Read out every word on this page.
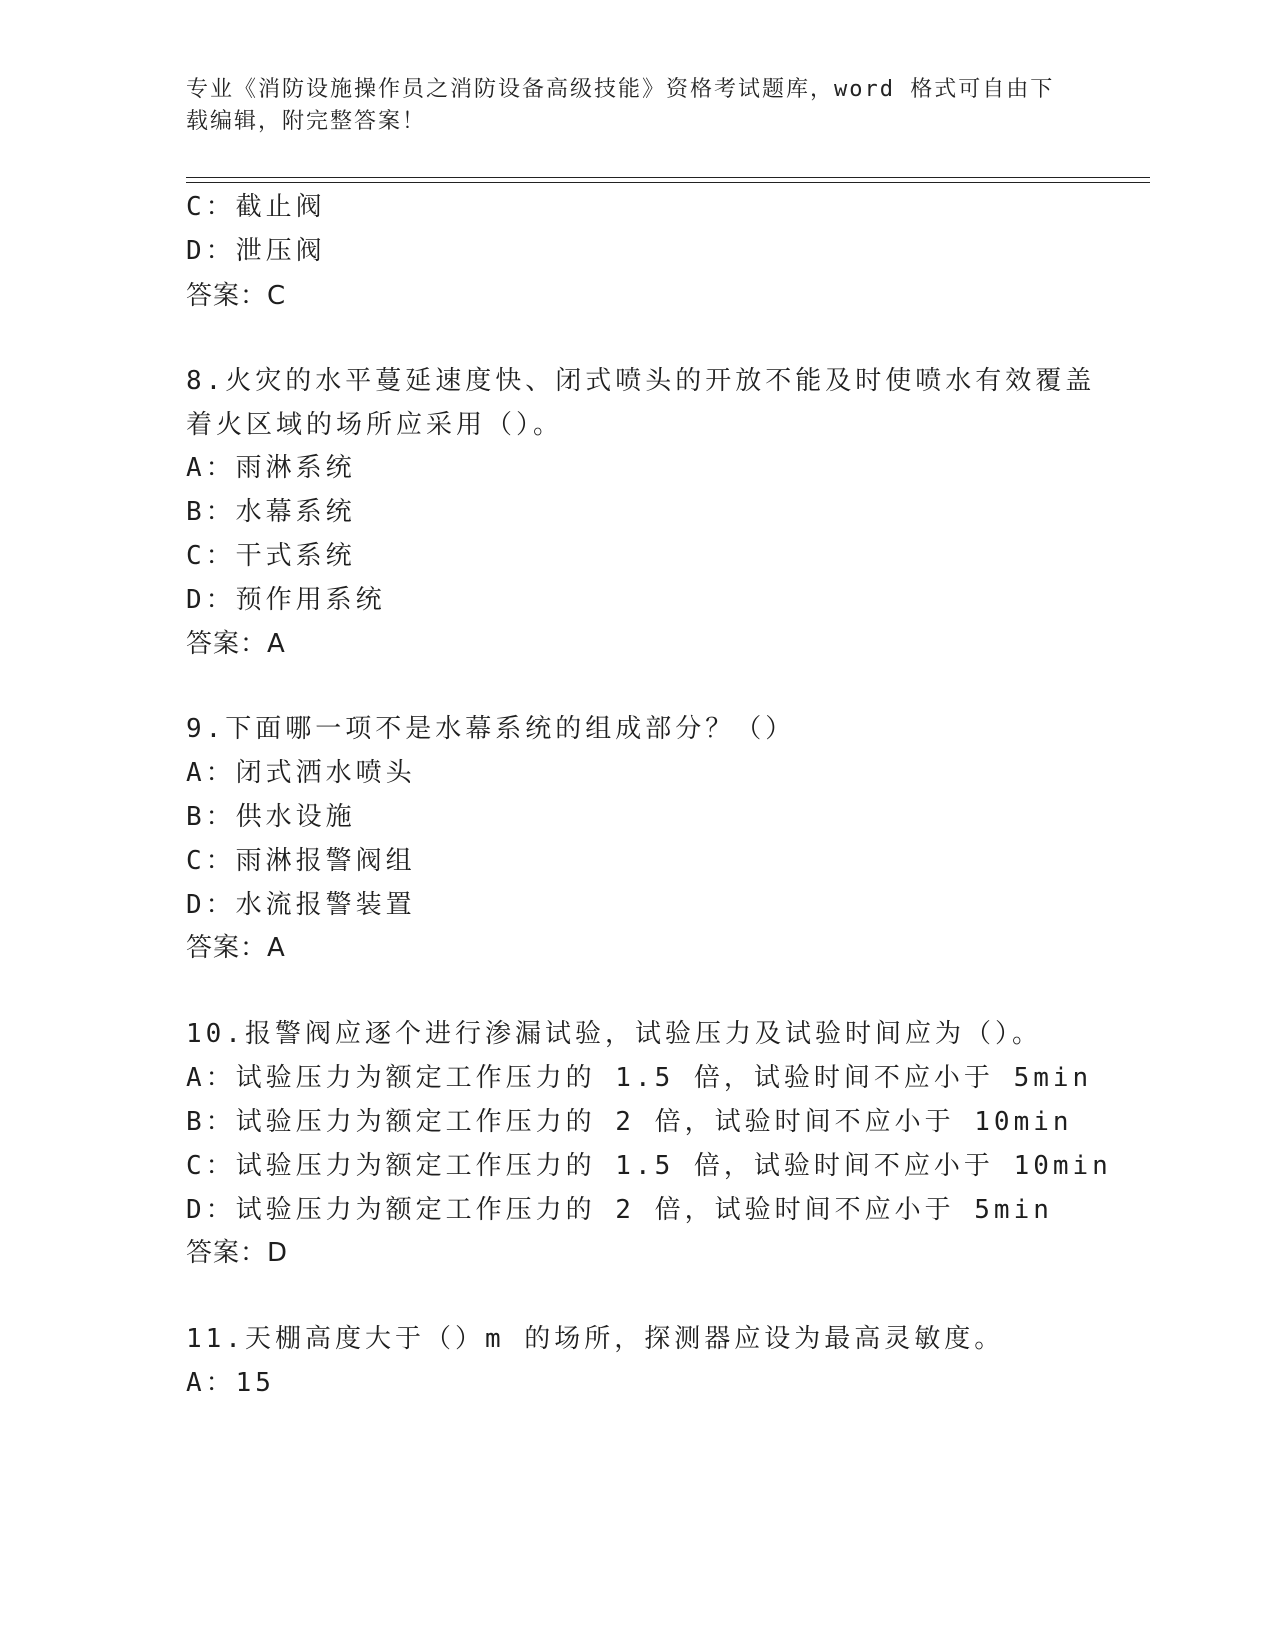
专业《消防设施操作员之消防设备高级技能》资格考试题库，word 格式可自由下
载编辑，附完整答案！
C：截止阀
D：泄压阀
答案：C
8.火灾的水平蔓延速度快、闭式喷头的开放不能及时使喷水有效覆盖
着火区域的场所应采用（）。
A：雨淋系统
B：水幕系统
C：干式系统
D：预作用系统
答案：A
9.下面哪一项不是水幕系统的组成部分？（）
A：闭式洒水喷头
B：供水设施
C：雨淋报警阀组
D：水流报警装置
答案：A
10.报警阀应逐个进行渗漏试验，试验压力及试验时间应为（）。
A：试验压力为额定工作压力的 1.5 倍，试验时间不应小于 5min
B：试验压力为额定工作压力的 2 倍，试验时间不应小于 10min
C：试验压力为额定工作压力的 1.5 倍，试验时间不应小于 10min
D：试验压力为额定工作压力的 2 倍，试验时间不应小于 5min
答案：D
11.天棚高度大于（）m 的场所，探测器应设为最高灵敏度。
A：15
